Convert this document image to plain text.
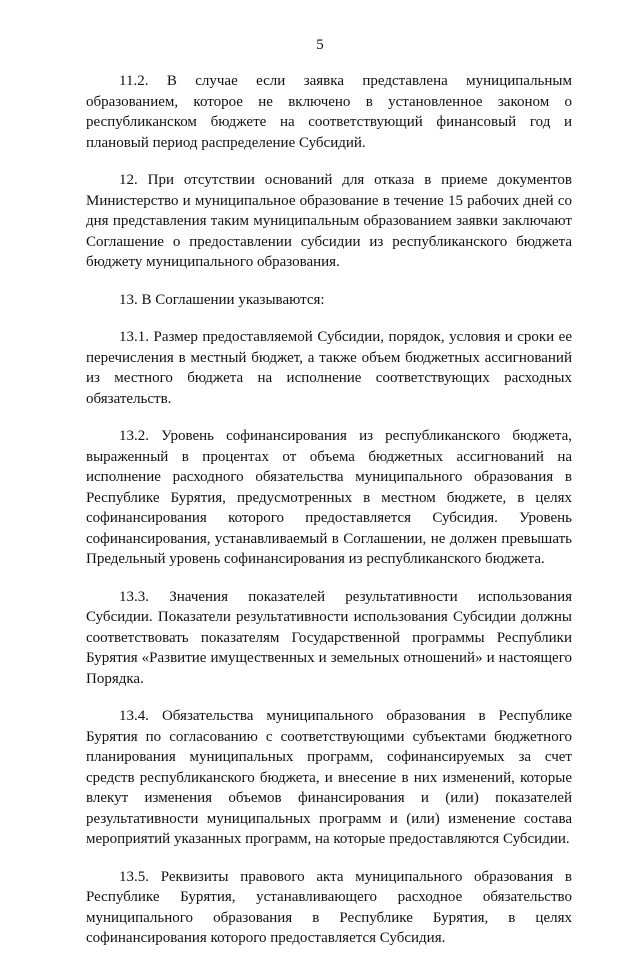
5

11.2. В случае если заявка представлена муниципальным образованием, которое не включено в установленное законом о республиканском бюджете на соответствующий финансовый год и плановый период распределение Субсидий.

12. При отсутствии оснований для отказа в приеме документов Министерство и муниципальное образование в течение 15 рабочих дней со дня представления таким муниципальным образованием заявки заключают Соглашение о предоставлении субсидии из республиканского бюджета бюджету муниципального образования.

13. В Соглашении указываются:

13.1. Размер предоставляемой Субсидии, порядок, условия и сроки ее перечисления в местный бюджет, а также объем бюджетных ассигнований из местного бюджета на исполнение соответствующих расходных обязательств.

13.2. Уровень софинансирования из республиканского бюджета, выраженный в процентах от объема бюджетных ассигнований на исполнение расходного обязательства муниципального образования в Республике Бурятия, предусмотренных в местном бюджете, в целях софинансирования которого предоставляется Субсидия. Уровень софинансирования, устанавливаемый в Соглашении, не должен превышать Предельный уровень софинансирования из республиканского бюджета.

13.3. Значения показателей результативности использования Субсидии. Показатели результативности использования Субсидии должны соответствовать показателям Государственной программы Республики Бурятия «Развитие имущественных и земельных отношений» и настоящего Порядка.

13.4. Обязательства муниципального образования в Республике Бурятия по согласованию с соответствующими субъектами бюджетного планирования муниципальных программ, софинансируемых за счет средств республиканского бюджета, и внесение в них изменений, которые влекут изменения объемов финансирования и (или) показателей результативности муниципальных программ и (или) изменение состава мероприятий указанных программ, на которые предоставляются Субсидии.

13.5. Реквизиты правового акта муниципального образования в Республике Бурятия, устанавливающего расходное обязательство муниципального образования в Республике Бурятия, в целях софинансирования которого предоставляется Субсидия.
